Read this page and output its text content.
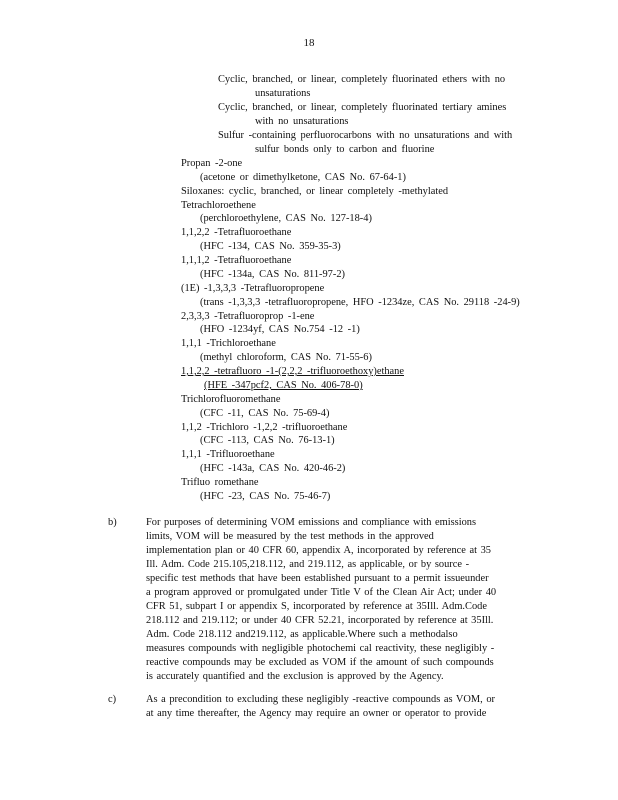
18
Cyclic, branched, or linear, completely fluorinated ethers with no
unsaturations
Cyclic, branched, or linear, completely fluorinated tertiary amines
with no unsaturations
Sulfur -containing perfluorocarbons with no unsaturations and with
sulfur bonds only to carbon and fluorine
Propan -2-one
(acetone or dimethylketone, CAS No. 67-64-1)
Siloxanes: cyclic, branched, or linear completely -methylated
Tetrachloroethene
(perchloroethylene, CAS No. 127-18-4)
1,1,2,2 -Tetrafluoroethane
(HFC -134, CAS No. 359-35-3)
1,1,1,2 -Tetrafluoroethane
(HFC -134a, CAS No. 811-97-2)
(1E) -1,3,3,3 -Tetrafluoropropene
(trans -1,3,3,3 -tetrafluoropropene, HFO -1234ze, CAS No. 29118 -24-9)
2,3,3,3 -Tetrafluoroprop -1-ene
(HFO -1234yf, CAS No.754 -12 -1)
1,1,1 -Trichloroethane
(methyl chloroform, CAS No. 71-55-6)
1,1,2,2 -tetrafluoro -1-(2,2,2 -trifluoroethoxy)ethane
(HFE -347pcf2, CAS No. 406-78-0)
Trichlorofluoromethane
(CFC -11, CAS No. 75-69-4)
1,1,2 -Trichloro -1,2,2 -trifluoroethane
(CFC -113, CAS No. 76-13-1)
1,1,1 -Trifluoroethane
(HFC -143a, CAS No. 420-46-2)
Trifluo romethane
(HFC -23, CAS No. 75-46-7)
b)	For purposes of determining VOM emissions and compliance with emissions

limits, VOM will be measured by the test methods in the approved

implementation plan or 40 CFR 60, appendix A, incorporated by reference at 35

Ill. Adm. Code 215.105,218.112, and 219.112, as applicable, or by source -

specific test methods that have been established pursuant to a permit issueunder

a program approved or promulgated under Title V of the Clean Air Act; under 40

CFR 51, subpart I or appendix S, incorporated by reference at 35Ill. Adm.Code

218.112 and 219.112; or under 40 CFR 52.21, incorporated by reference at 35Ill.

Adm. Code 218.112 and219.112, as applicable.Where such a methodalso

measures compounds with negligible photochemi cal reactivity, these negligibly -

reactive compounds may be excluded as VOM if the amount of such compounds

is accurately quantified and the exclusion is approved by the Agency.

c)	As a precondition to excluding these negligibly -reactive compounds as VOM, or

at any time thereafter, the Agency may require an owner or operator to provide
